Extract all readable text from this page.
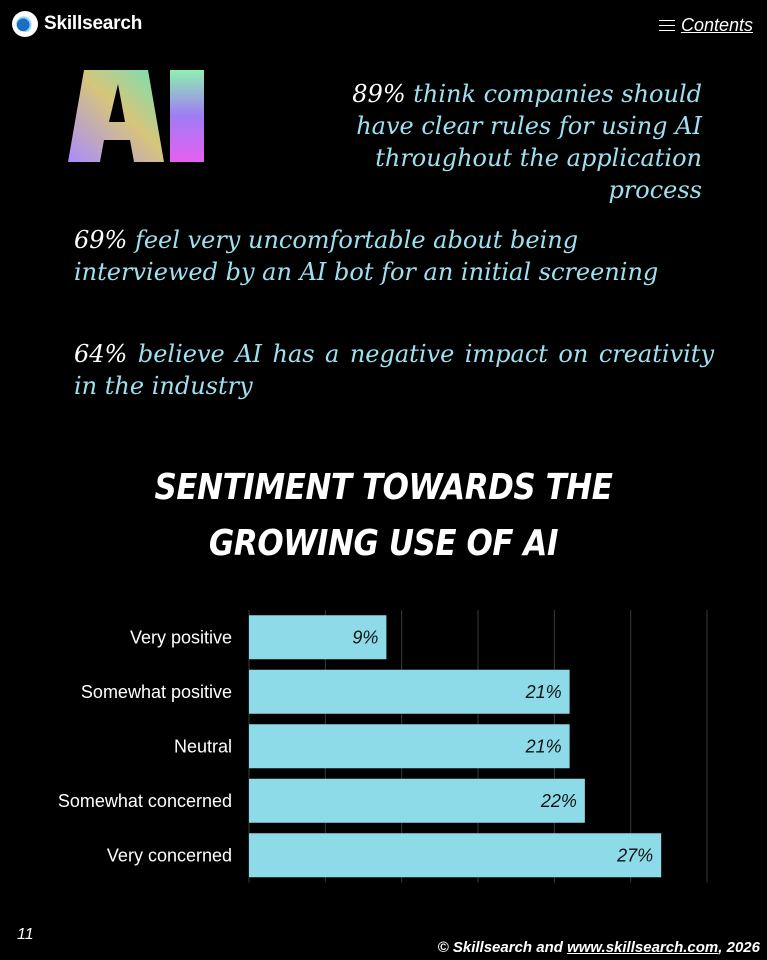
Skillsearch	Contents
89% think companies should have clear rules for using AI throughout the application process
69% feel very uncomfortable about being interviewed by an AI bot for an initial screening
64% believe AI has a negative impact on creativity in the industry
SENTIMENT TOWARDS THE
GROWING USE OF AI
Very positive	9%
Somewhat positive	21%
Neutral	21%
Somewhat concerned	22%
Very concerned	27%
11
© Skillsearch and www.skillsearch.com, 2026
